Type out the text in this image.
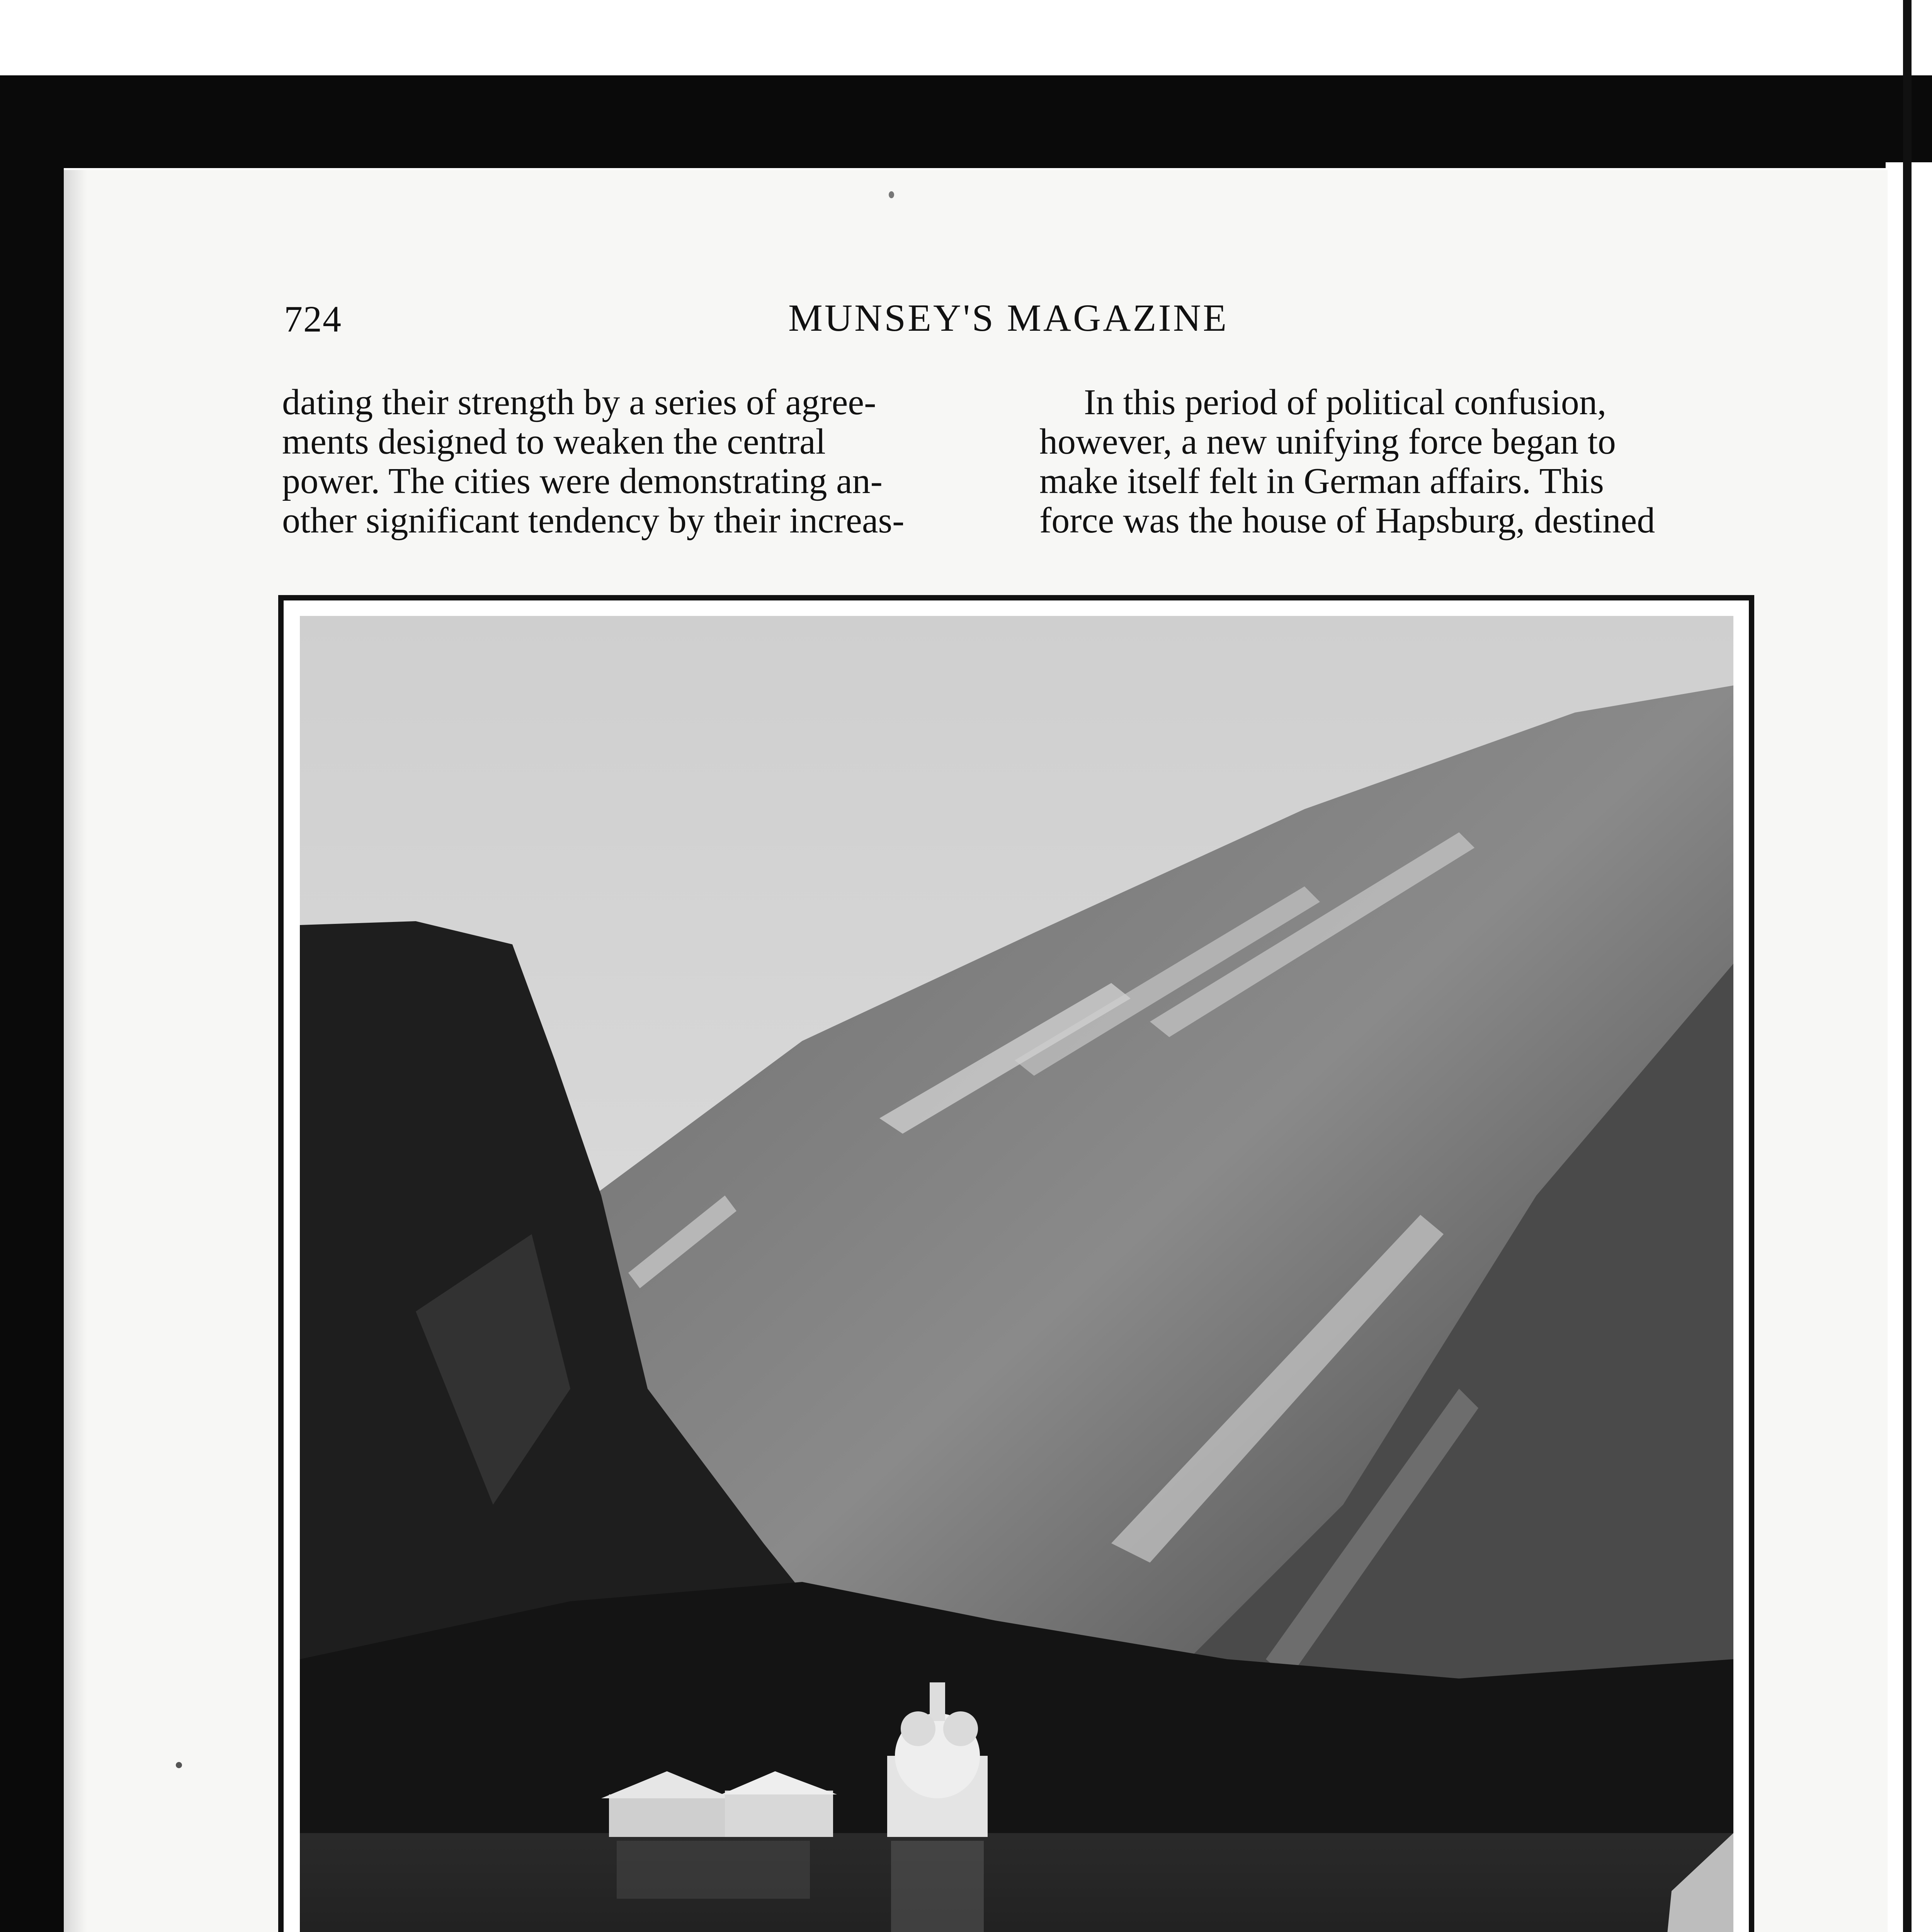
724	MUNSEY'S MAGAZINE

dating their strength by a series of agree-

ments designed to weaken the central

power. The cities were demonstrating an-

other significant tendency by their increas-

In this period of political confusion,

however, a new unifying force began to

make itself felt in German affairs. This

force was the house of Hapsburg, destined
